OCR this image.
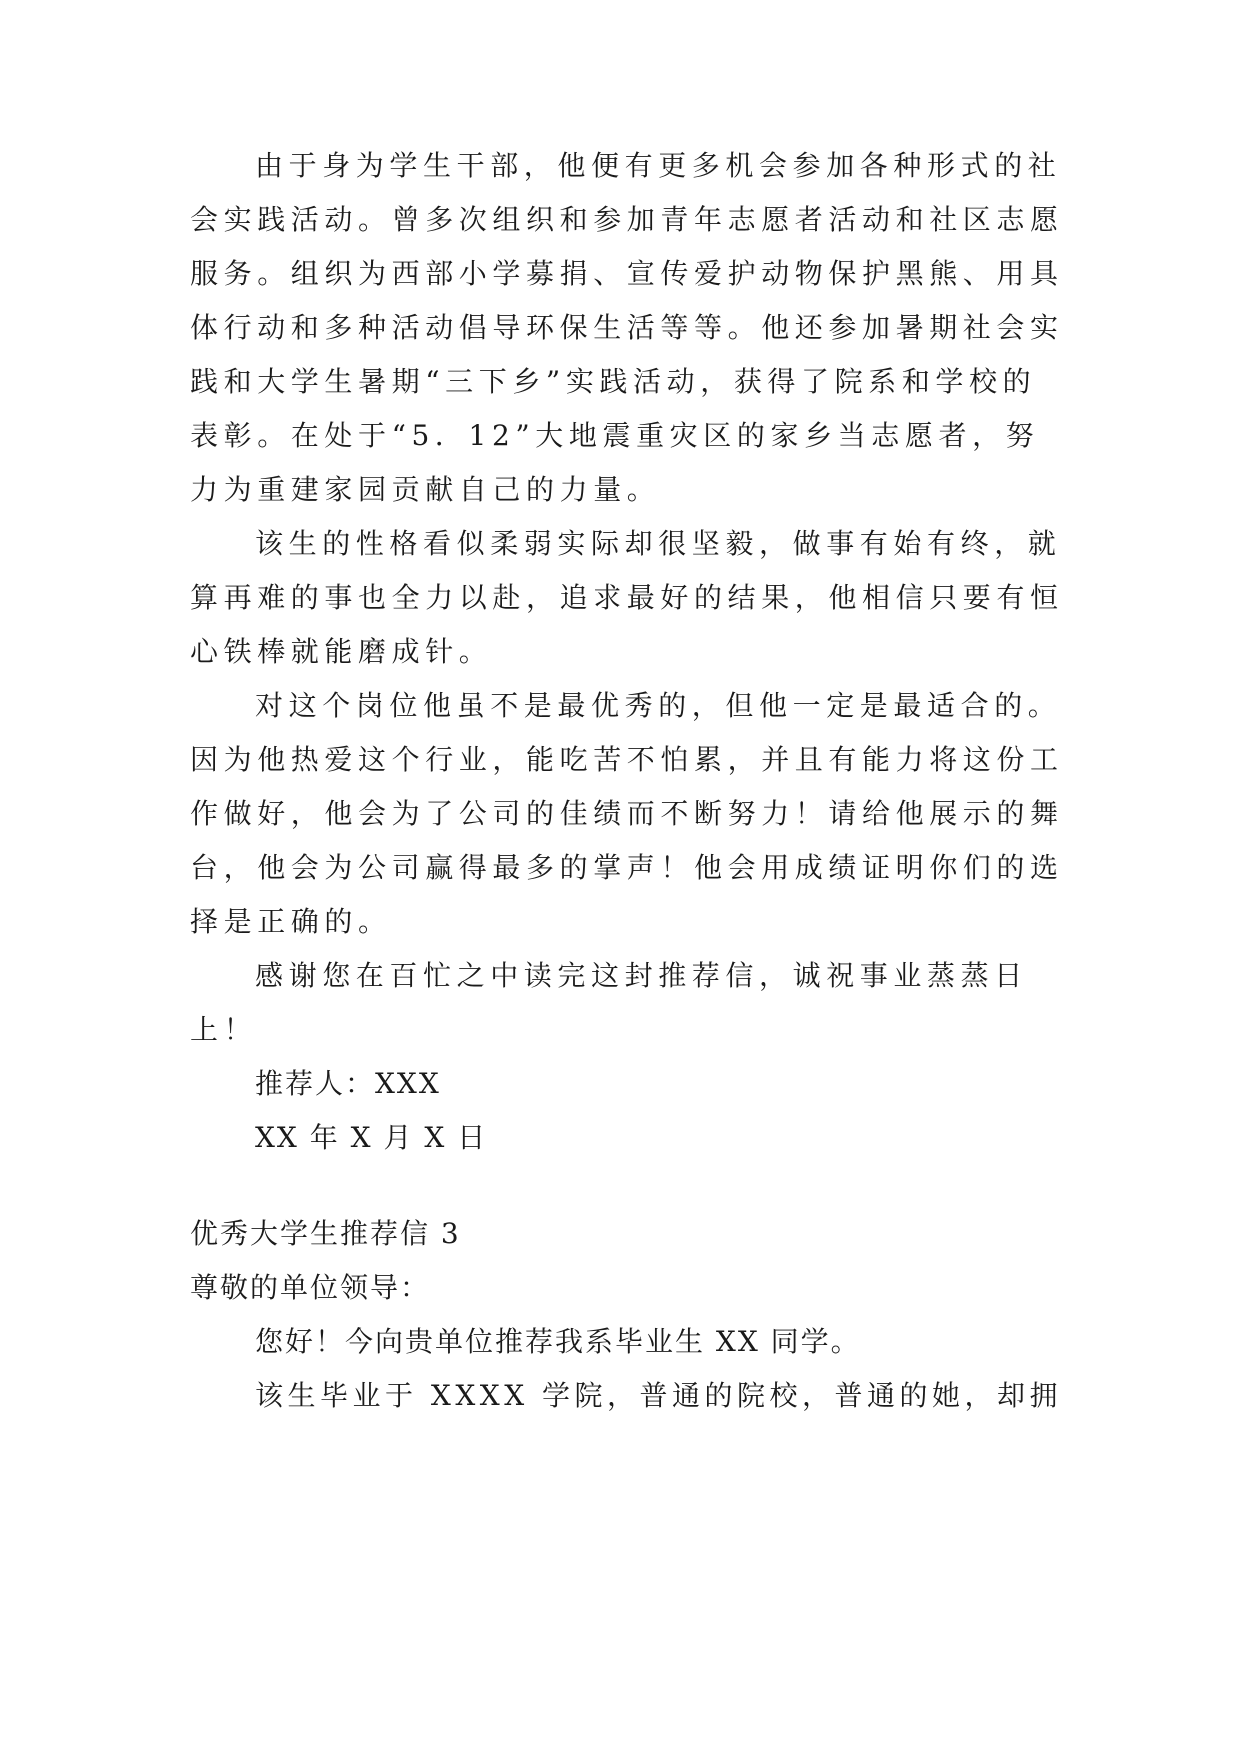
由于身为学生干部，他便有更多机会参加各种形式的社
会实践活动。曾多次组织和参加青年志愿者活动和社区志愿
服务。组织为西部小学募捐、宣传爱护动物保护黑熊、用具
体行动和多种活动倡导环保生活等等。他还参加暑期社会实
践和大学生暑期“三下乡”实践活动，获得了院系和学校的
表彰。在处于“5．12”大地震重灾区的家乡当志愿者，努
力为重建家园贡献自己的力量。
该生的性格看似柔弱实际却很坚毅，做事有始有终，就
算再难的事也全力以赴，追求最好的结果，他相信只要有恒
心铁棒就能磨成针。
对这个岗位他虽不是最优秀的，但他一定是最适合的。
因为他热爱这个行业，能吃苦不怕累，并且有能力将这份工
作做好，他会为了公司的佳绩而不断努力！请给他展示的舞
台，他会为公司赢得最多的掌声！他会用成绩证明你们的选
择是正确的。
感谢您在百忙之中读完这封推荐信，诚祝事业蒸蒸日
上！
推荐人：XXX
XX 年 X 月 X 日
优秀大学生推荐信 3
尊敬的单位领导：
您好！今向贵单位推荐我系毕业生 XX 同学。
该生毕业于 XXXX 学院，普通的院校，普通的她，却拥
